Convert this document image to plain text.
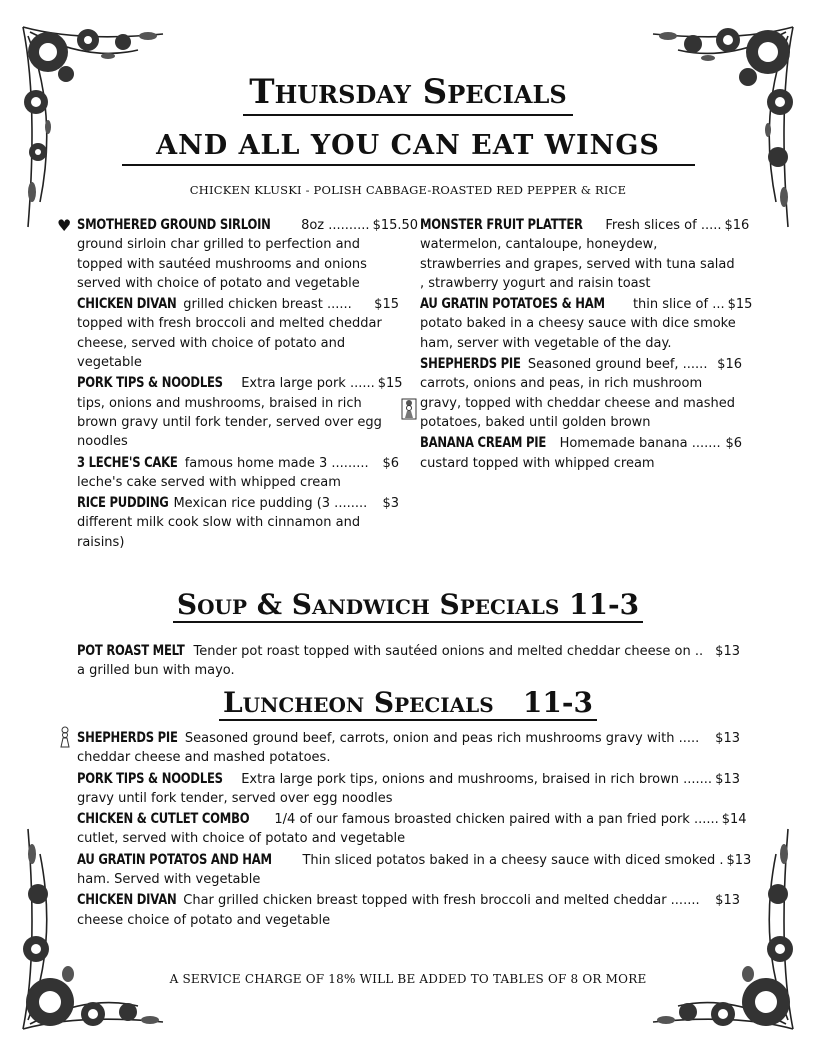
Thursday Specials
AND ALL YOU CAN EAT WINGS
CHICKEN KLUSKI - POLISH CABBAGE-ROASTED RED PEPPER & RICE
♥ SMOTHERED GROUND SIRLOIN 8oz .......... $15.50
ground sirloin char grilled to perfection and topped with sautéed mushrooms and onions served with choice of potato and vegetable
CHICKEN DIVAN grilled chicken breast ......	$15
topped with fresh broccoli and melted cheddar cheese, served with choice of potato and vegetable
PORK TIPS & NOODLES Extra large pork ...... $15
tips, onions and mushrooms, braised in rich brown gravy until fork tender, served over egg noodles
3 LECHE'S CAKE famous home made 3 .........	$6
leche's cake served with whipped cream
RICE PUDDING Mexican rice pudding (3 ........	$3
different milk cook slow with cinnamon and raisins)
MONSTER FRUIT PLATTER Fresh slices of ..... $16
watermelon, cantaloupe, honeydew, strawberries and grapes, served with tuna salad , strawberry yogurt and raisin toast
AU GRATIN POTATOES & HAM thin slice of ... $15
potato baked in a cheesy sauce with dice smoke ham, server with vegetable of the day.
SHEPHERDS PIE Seasoned ground beef, ...... $16
carrots, onions and peas, in rich mushroom gravy, topped with cheddar cheese and mashed potatoes, baked until golden brown
BANANA CREAM PIE Homemade banana ....... $6
custard topped with whipped cream
Soup & Sandwich Specials 11-3
POT ROAST MELT Tender pot roast topped with sautéed onions and melted cheddar cheese on .. $13
a grilled bun with mayo.
Luncheon Specials   11-3
SHEPHERDS PIE Seasoned ground beef, carrots, onion and peas rich mushrooms gravy with .....	$13
cheddar cheese and mashed potatoes.
PORK TIPS & NOODLES Extra large pork tips, onions and mushrooms, braised in rich brown ....... $13
gravy until fork tender, served over egg noodles
CHICKEN & CUTLET COMBO 1/4 of our famous broasted chicken paired with a pan fried pork ...... $14
cutlet, served with choice of potato and vegetable
AU GRATIN POTATOS AND HAM Thin sliced potatos baked in a cheesy sauce with diced smoked . $13
ham. Served with vegetable
CHICKEN DIVAN Char grilled chicken breast topped with fresh broccoli and melted cheddar .......	$13
cheese choice of potato and vegetable
A SERVICE CHARGE OF 18% WILL BE ADDED TO TABLES OF 8 OR MORE
